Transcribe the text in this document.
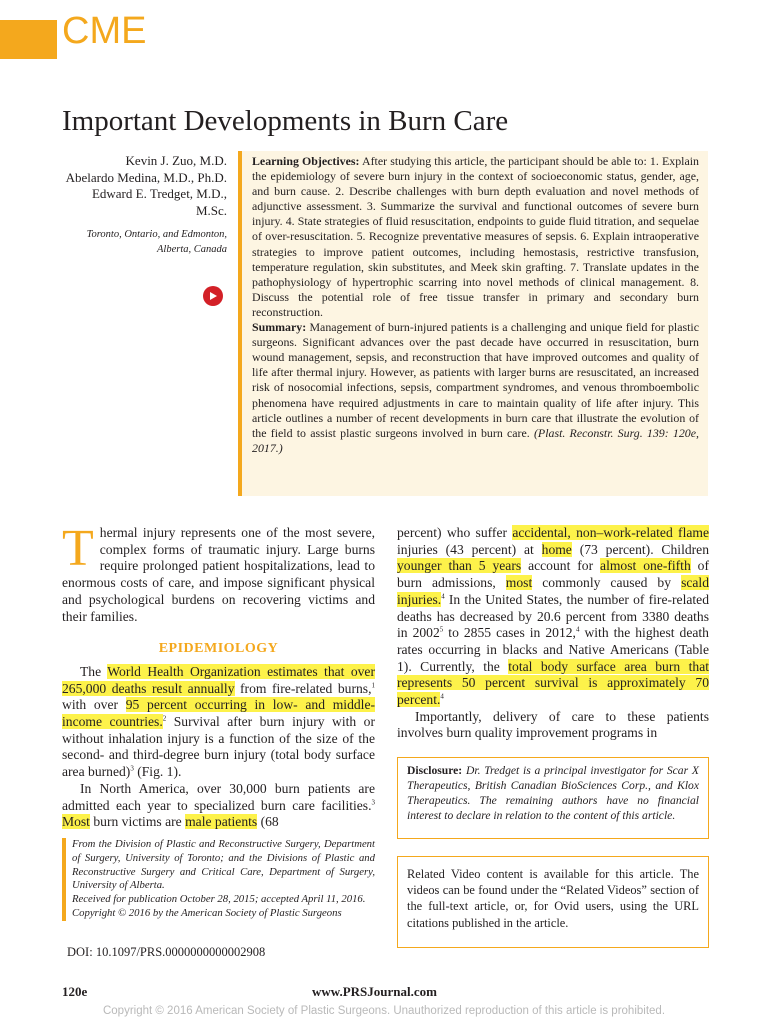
CME
Important Developments in Burn Care

Kevin J. Zuo, M.D.

Abelardo Medina, M.D., Ph.D.

Edward E. Tredget, M.D., M.Sc.

Toronto, Ontario, and Edmonton, Alberta, Canada

Learning Objectives: After studying this article, the participant should be able to: 1. Explain the epidemiology of severe burn injury in the context of socioeconomic status, gender, age, and burn cause. 2. Describe challenges with burn depth evaluation and novel methods of adjunctive assessment. 3. Summarize the survival and functional outcomes of severe burn injury. 4. State strategies of fluid resuscitation, endpoints to guide fluid titration, and sequelae of over-resuscitation. 5. Recognize preventative measures of sepsis. 6. Explain intraoperative strategies to improve patient outcomes, including hemostasis, restrictive transfusion, temperature regulation, skin substitutes, and Meek skin grafting. 7. Translate updates in the pathophysiology of hypertrophic scarring into novel methods of clinical management. 8. Discuss the potential role of free tissue transfer in primary and secondary burn reconstruction.

Summary: Management of burn-injured patients is a challenging and unique field for plastic surgeons. Significant advances over the past decade have occurred in resuscitation, burn wound management, sepsis, and reconstruction that have improved outcomes and quality of life after thermal injury. However, as patients with larger burns are resuscitated, an increased risk of nosocomial infections, sepsis, compartment syndromes, and venous thromboembolic phenomena have required adjustments in care to maintain quality of life after injury. This article outlines a number of recent developments in burn care that illustrate the evolution of the field to assist plastic surgeons involved in burn care. (Plast. Reconstr. Surg. 139: 120e, 2017.)

Thermal injury represents one of the most severe, complex forms of traumatic injury. Large burns require prolonged patient hospitalizations, lead to enormous costs of care, and impose significant physical and psychological burdens on recovering victims and their families.

EPIDEMIOLOGY

The World Health Organization estimates that over 265,000 deaths result annually from fire-related burns,$^1$ with over 95 percent occurring in low- and middle-income countries.$^2$ Survival after burn injury with or without inhalation injury is a function of the size of the second- and third-degree burn injury (total body surface area burned)$^3$ (Fig. 1).

In North America, over 30,000 burn patients are admitted each year to specialized burn care facilities.$^3$ Most burn victims are male patients (68

From the Division of Plastic and Reconstructive Surgery, Department of Surgery, University of Toronto; and the Divisions of Plastic and Reconstructive Surgery and Critical Care, Department of Surgery, University of Alberta.

Received for publication October 28, 2015; accepted April 11, 2016.

Copyright © 2016 by the American Society of Plastic Surgeons

DOI: 10.1097/PRS.0000000000002908

percent) who suffer accidental, non–work-related flame injuries (43 percent) at home (73 percent). Children younger than 5 years account for almost one-fifth of burn admissions, most commonly caused by scald injuries.$^4$ In the United States, the number of fire-related deaths has decreased by 20.6 percent from 3380 deaths in 2002$^5$ to 2855 cases in 2012,$^4$ with the highest death rates occurring in blacks and Native Americans (Table 1). Currently, the total body surface area burn that represents 50 percent survival is approximately 70 percent.$^4$

Importantly, delivery of care to these patients involves burn quality improvement programs in

Disclosure: Dr. Tredget is a principal investigator for Scar X Therapeutics, British Canadian BioSciences Corp., and Klox Therapeutics. The remaining authors have no financial interest to declare in relation to the content of this article.

Related Video content is available for this article. The videos can be found under the “Related Videos” section of the full-text article, or, for Ovid users, using the URL citations published in the article.

120e	www.PRSJournal.com
Copyright © 2016 American Society of Plastic Surgeons. Unauthorized reproduction of this article is prohibited.
